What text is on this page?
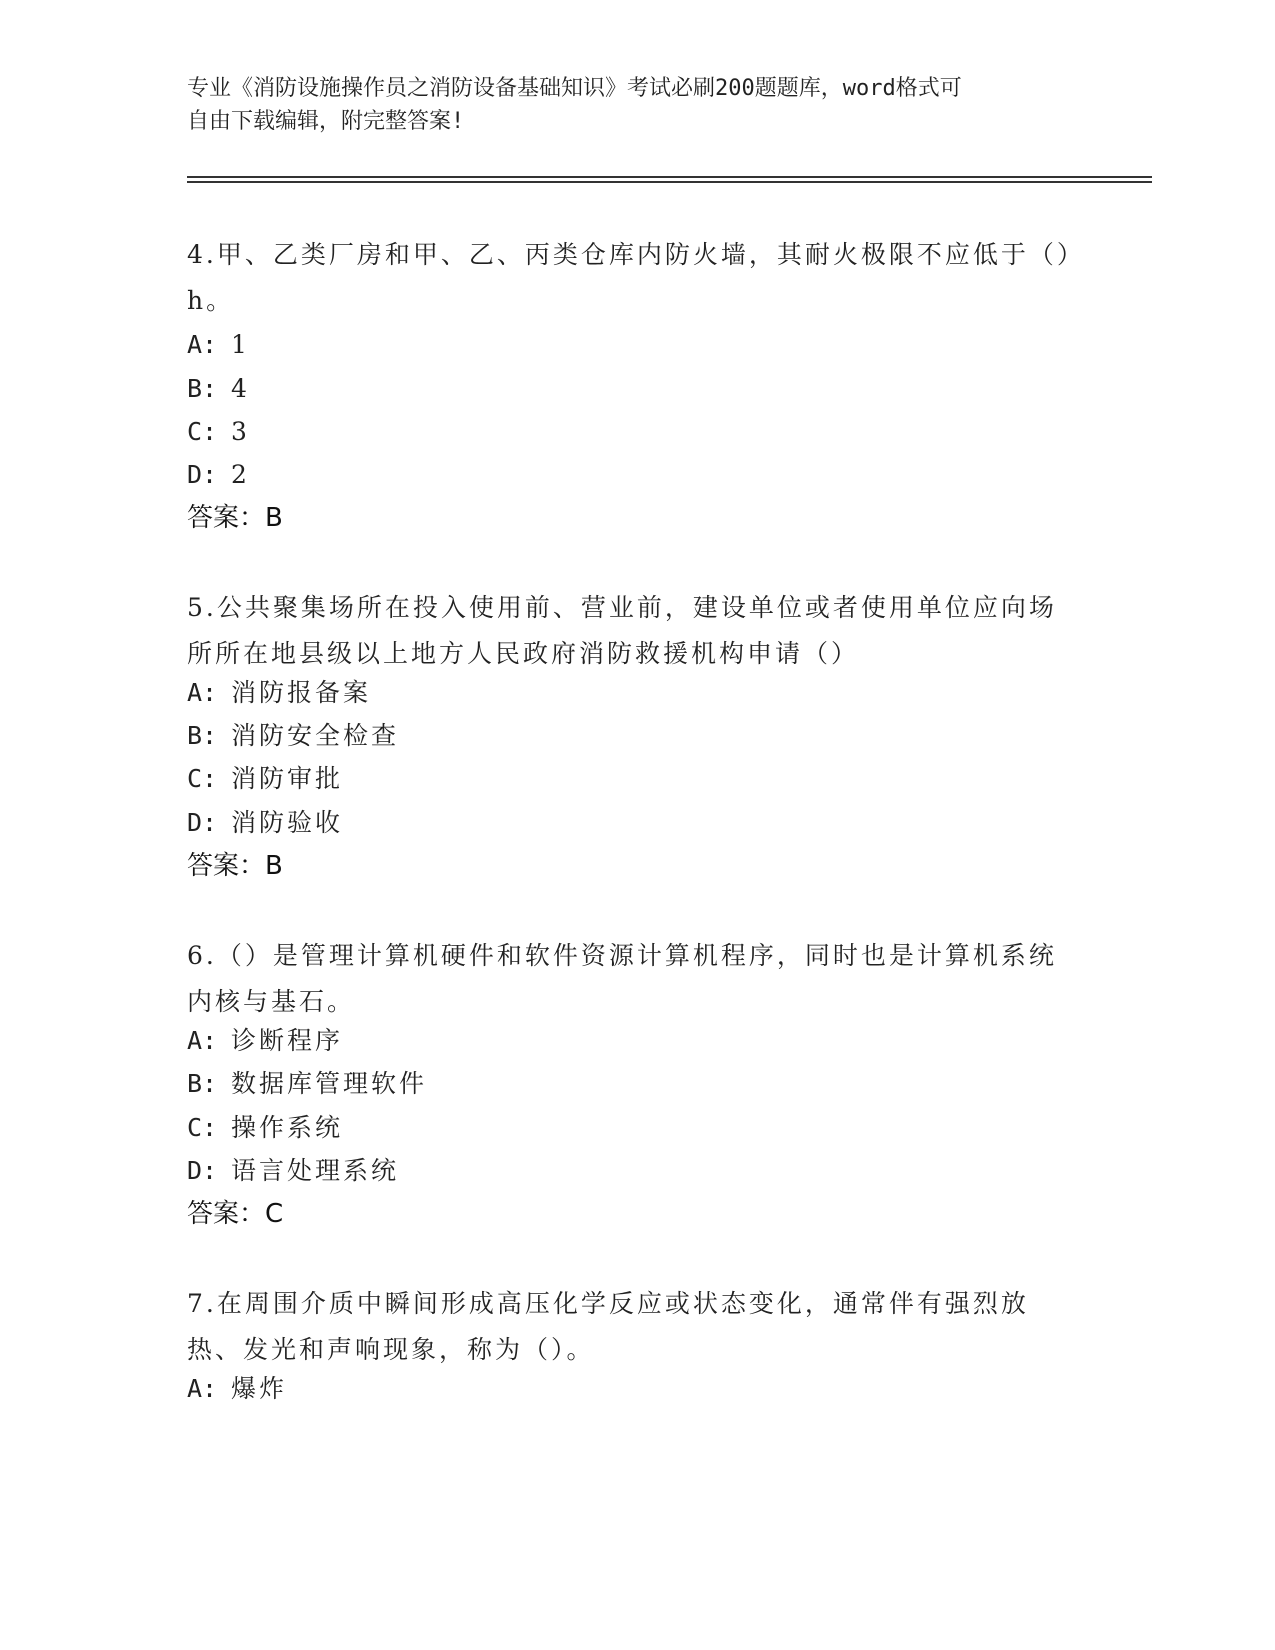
专业《消防设施操作员之消防设备基础知识》考试必刷200题题库，word格式可
自由下载编辑，附完整答案!
4.甲、乙类厂房和甲、乙、丙类仓库内防火墙，其耐火极限不应低于（）h。
A: 1
B: 4
C: 3
D: 2
答案：B
5.公共聚集场所在投入使用前、营业前，建设单位或者使用单位应向场所所在地县级以上地方人民政府消防救援机构申请（）
A: 消防报备案
B: 消防安全检查
C: 消防审批
D: 消防验收
答案：B
6.（）是管理计算机硬件和软件资源计算机程序，同时也是计算机系统内核与基石。
A: 诊断程序
B: 数据库管理软件
C: 操作系统
D: 语言处理系统
答案：C
7.在周围介质中瞬间形成高压化学反应或状态变化，通常伴有强烈放热、发光和声响现象，称为（）。
A: 爆炸
